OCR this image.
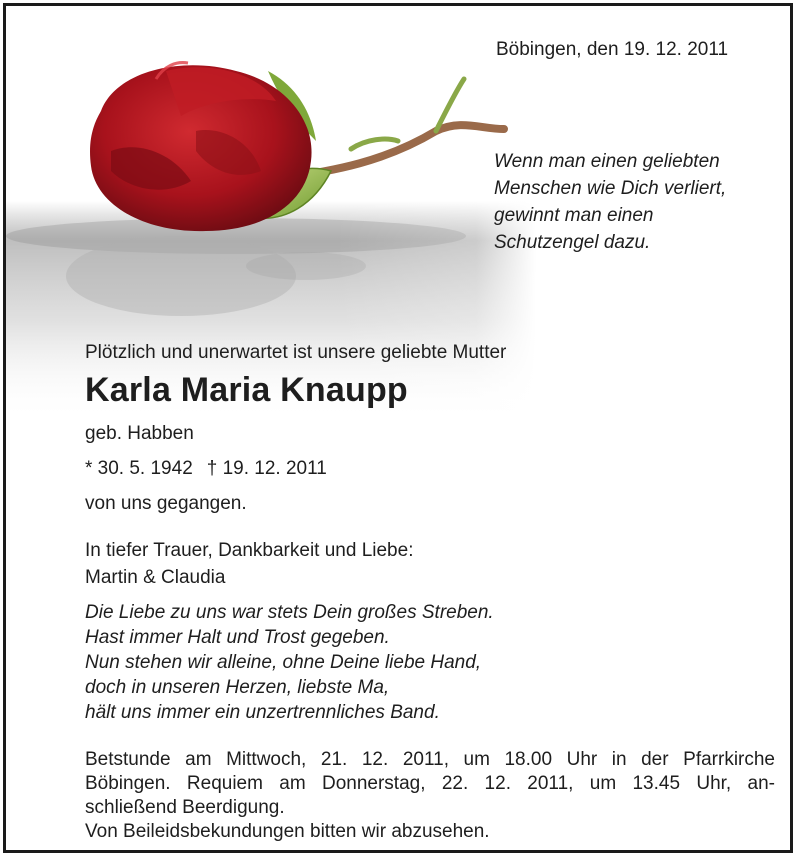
Böbingen, den 19. 12. 2011
Wenn man einen geliebten
Menschen wie Dich verliert,
gewinnt man einen
Schutzengel dazu.
Plötzlich und unerwartet ist unsere geliebte Mutter
Karla Maria Knaupp
geb. Habben
* 30. 5. 1942 † 19. 12. 2011
von uns gegangen.
In tiefer Trauer, Dankbarkeit und Liebe:
Martin & Claudia
Die Liebe zu uns war stets Dein großes Streben.
Hast immer Halt und Trost gegeben.
Nun stehen wir alleine, ohne Deine liebe Hand,
doch in unseren Herzen, liebste Ma,
hält uns immer ein unzertrennliches Band.
Betstunde am Mittwoch, 21. 12. 2011, um 18.00 Uhr in der Pfarrkirche
Böbingen. Requiem am Donnerstag, 22. 12. 2011, um 13.45 Uhr, an-
schließend Beerdigung.
Von Beileidsbekundungen bitten wir abzusehen.
